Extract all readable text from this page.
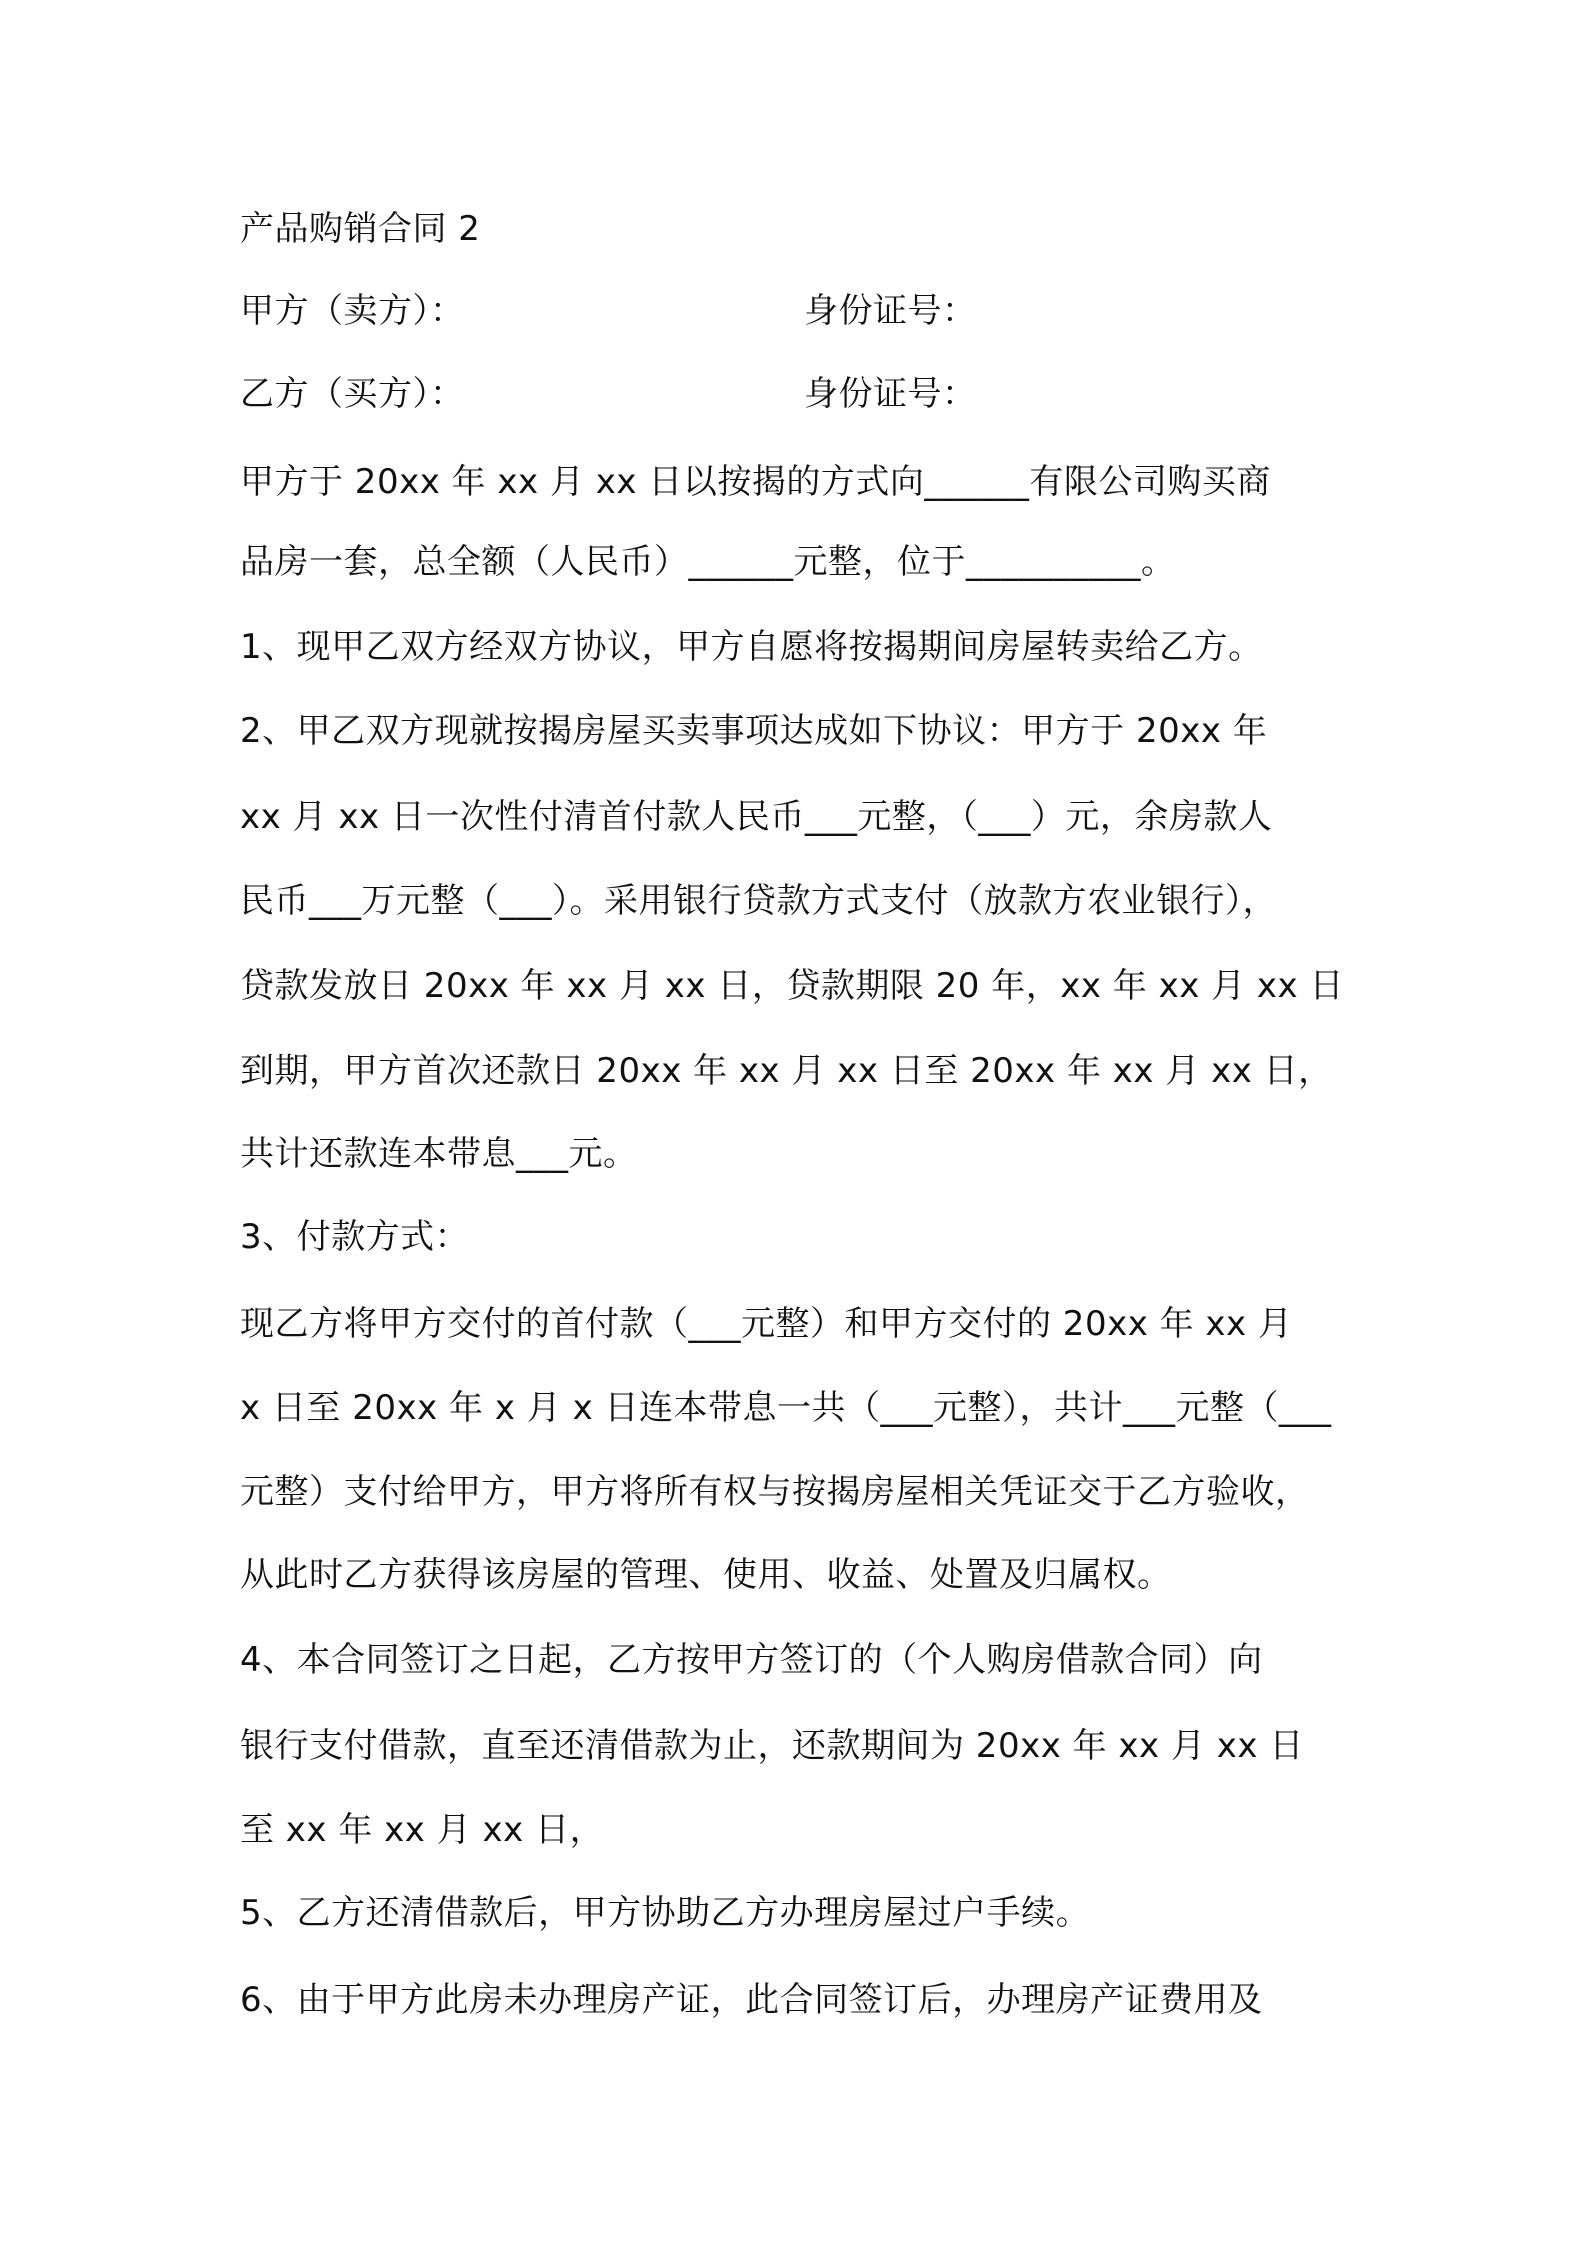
产品购销合同 2
甲方（卖方）：	身份证号：
乙方（买方）：	身份证号：
甲方于 20xx 年 xx 月 xx 日以按揭的方式向______有限公司购买商
品房一套，总全额（人民币）______元整，位于__________。
1、现甲乙双方经双方协议，甲方自愿将按揭期间房屋转卖给乙方。
2、甲乙双方现就按揭房屋买卖事项达成如下协议：甲方于 20xx 年
xx 月 xx 日一次性付清首付款人民币___元整，（___）元，余房款人
民币___万元整（___）。采用银行贷款方式支付（放款方农业银行），
贷款发放日 20xx 年 xx 月 xx 日，贷款期限 20 年，xx 年 xx 月 xx 日
到期，甲方首次还款日 20xx 年 xx 月 xx 日至 20xx 年 xx 月 xx 日，
共计还款连本带息___元。
3、付款方式：
现乙方将甲方交付的首付款（___元整）和甲方交付的 20xx 年 xx 月
x 日至 20xx 年 x 月 x 日连本带息一共（___元整），共计___元整（___
元整）支付给甲方，甲方将所有权与按揭房屋相关凭证交于乙方验收，
从此时乙方获得该房屋的管理、使用、收益、处置及归属权。
4、本合同签订之日起，乙方按甲方签订的（个人购房借款合同）向
银行支付借款，直至还清借款为止，还款期间为 20xx 年 xx 月 xx 日
至 xx 年 xx 月 xx 日，
5、乙方还清借款后，甲方协助乙方办理房屋过户手续。
6、由于甲方此房未办理房产证，此合同签订后，办理房产证费用及
